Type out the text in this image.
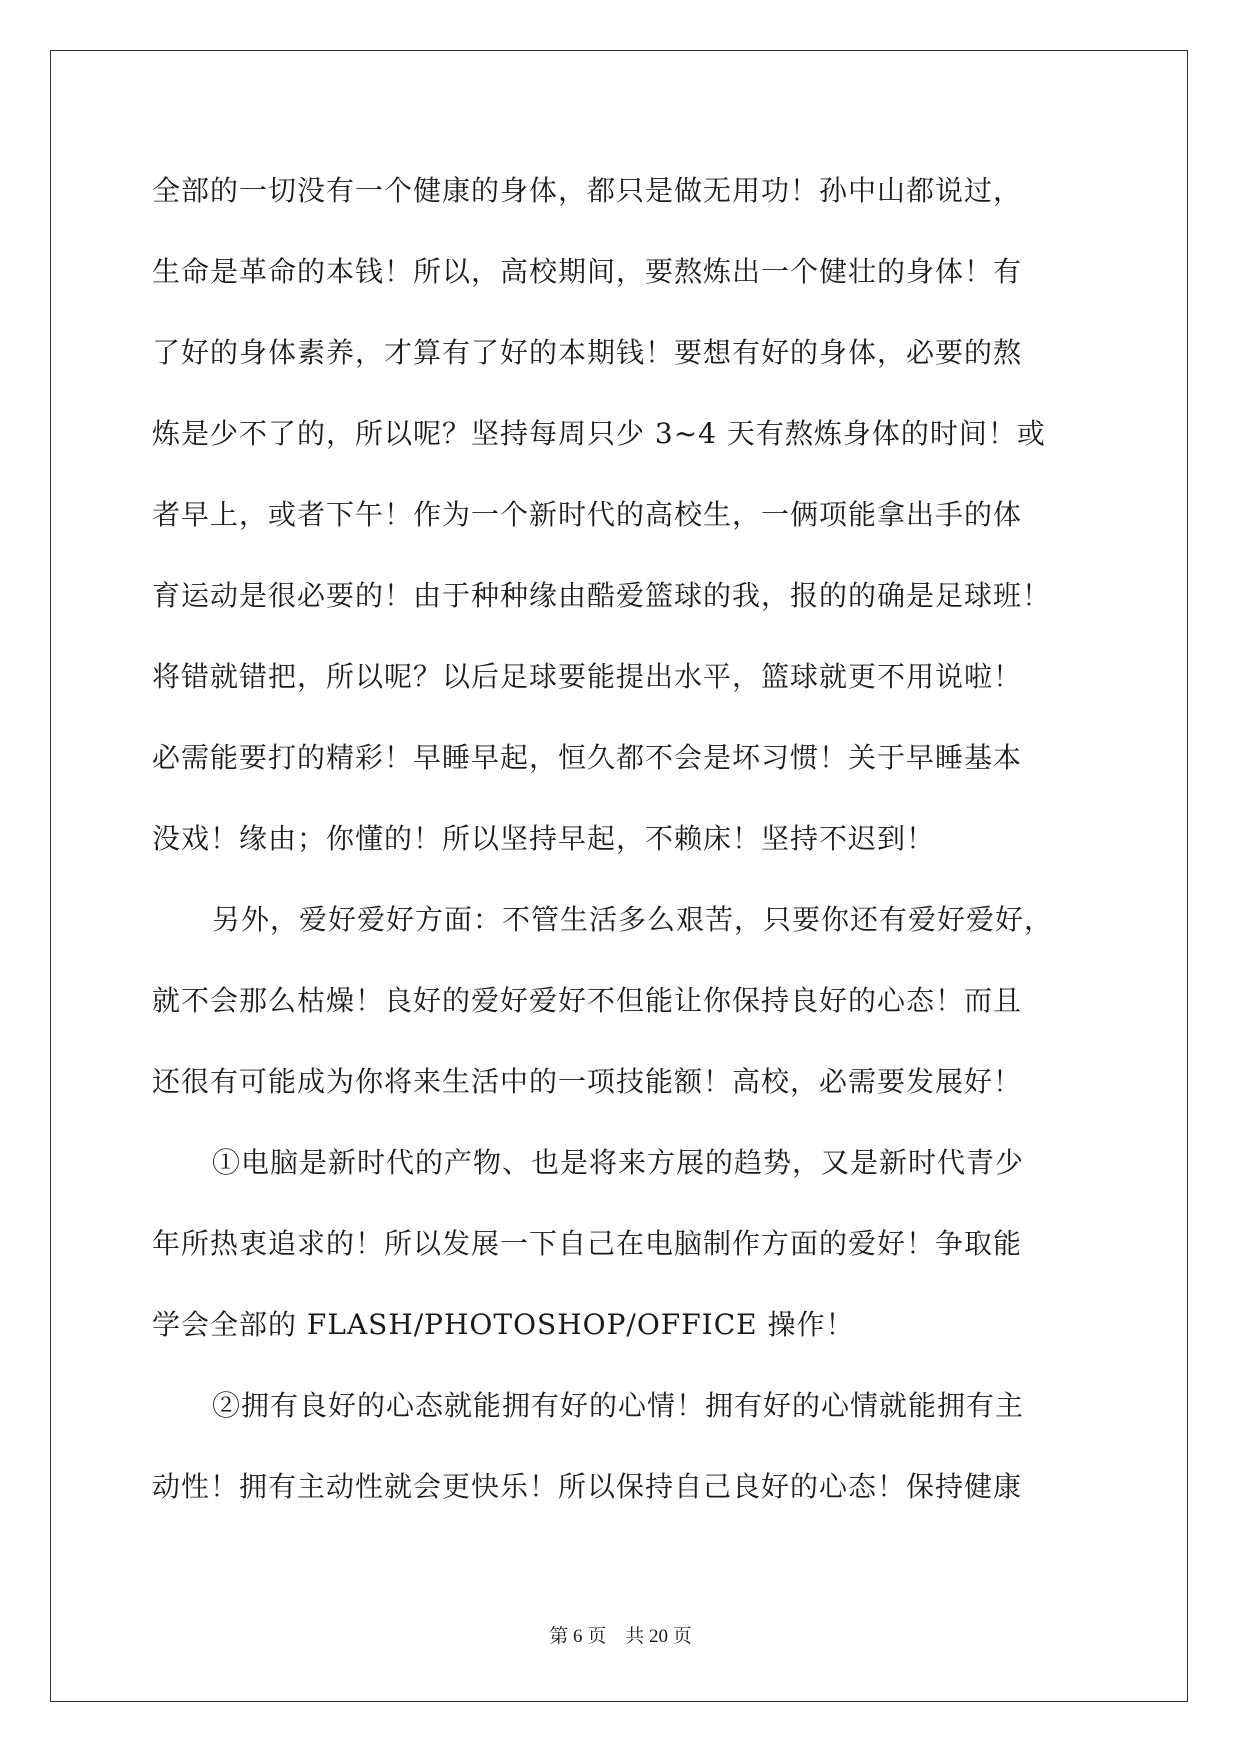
全部的一切没有一个健康的身体，都只是做无用功！孙中山都说过，

生命是革命的本钱！所以，高校期间，要熬炼出一个健壮的身体！有

了好的身体素养，才算有了好的本期钱！要想有好的身体，必要的熬

炼是少不了的，所以呢？坚持每周只少 3~4 天有熬炼身体的时间！或

者早上，或者下午！作为一个新时代的高校生，一俩项能拿出手的体

育运动是很必要的！由于种种缘由酷爱篮球的我，报的的确是足球班！

将错就错把，所以呢？以后足球要能提出水平，篮球就更不用说啦！

必需能要打的精彩！早睡早起，恒久都不会是坏习惯！关于早睡基本

没戏！缘由；你懂的！所以坚持早起，不赖床！坚持不迟到！

另外，爱好爱好方面：不管生活多么艰苦，只要你还有爱好爱好，

就不会那么枯燥！良好的爱好爱好不但能让你保持良好的心态！而且

还很有可能成为你将来生活中的一项技能额！高校，必需要发展好！

①电脑是新时代的产物、也是将来方展的趋势，又是新时代青少

年所热衷追求的！所以发展一下自己在电脑制作方面的爱好！争取能

学会全部的 FLASH/PHOTOSHOP/OFFICE 操作！

②拥有良好的心态就能拥有好的心情！拥有好的心情就能拥有主

动性！拥有主动性就会更快乐！所以保持自己良好的心态！保持健康

第 6 页　共 20 页
